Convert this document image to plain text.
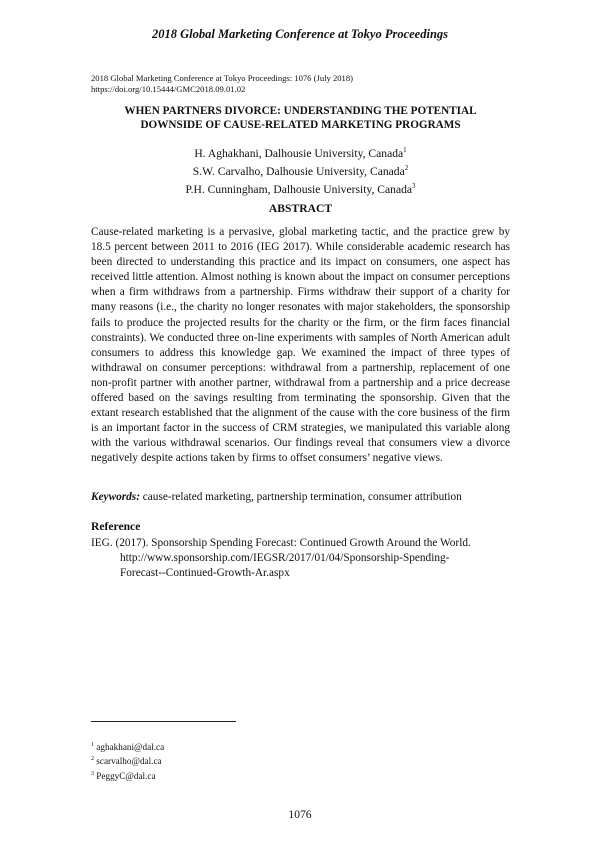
2018 Global Marketing Conference at Tokyo Proceedings
2018 Global Marketing Conference at Tokyo Proceedings: 1076 (July 2018)
https://doi.org/10.15444/GMC2018.09.01.02
WHEN PARTNERS DIVORCE: UNDERSTANDING THE POTENTIAL
DOWNSIDE OF CAUSE-RELATED MARKETING PROGRAMS
H. Aghakhani, Dalhousie University, Canada$^1$
S.W. Carvalho, Dalhousie University, Canada$^2$
P.H. Cunningham, Dalhousie University, Canada$^3$
ABSTRACT
Cause-related marketing is a pervasive, global marketing tactic, and the practice grew by 18.5 percent between 2011 to 2016 (IEG 2017). While considerable academic research has been directed to understanding this practice and its impact on consumers, one aspect has received little attention. Almost nothing is known about the impact on consumer perceptions when a firm withdraws from a partnership. Firms withdraw their support of a charity for many reasons (i.e., the charity no longer resonates with major stakeholders, the sponsorship fails to produce the projected results for the charity or the firm, or the firm faces financial constraints). We conducted three on-line experiments with samples of North American adult consumers to address this knowledge gap. We examined the impact of three types of withdrawal on consumer perceptions: withdrawal from a partnership, replacement of one non-profit partner with another partner, withdrawal from a partnership and a price decrease offered based on the savings resulting from terminating the sponsorship. Given that the extant research established that the alignment of the cause with the core business of the firm is an important factor in the success of CRM strategies, we manipulated this variable along with the various withdrawal scenarios. Our findings reveal that consumers view a divorce negatively despite actions taken by firms to offset consumers’ negative views.
Keywords: cause-related marketing, partnership termination, consumer attribution
Reference
IEG. (2017). Sponsorship Spending Forecast: Continued Growth Around the World.
http://www.sponsorship.com/IEGSR/2017/01/04/Sponsorship-Spending-
Forecast--Continued-Growth-Ar.aspx
$^1$ aghakhani@dal.ca
$^2$ scarvalho@dal.ca
$^3$ PeggyC@dal.ca
1076
